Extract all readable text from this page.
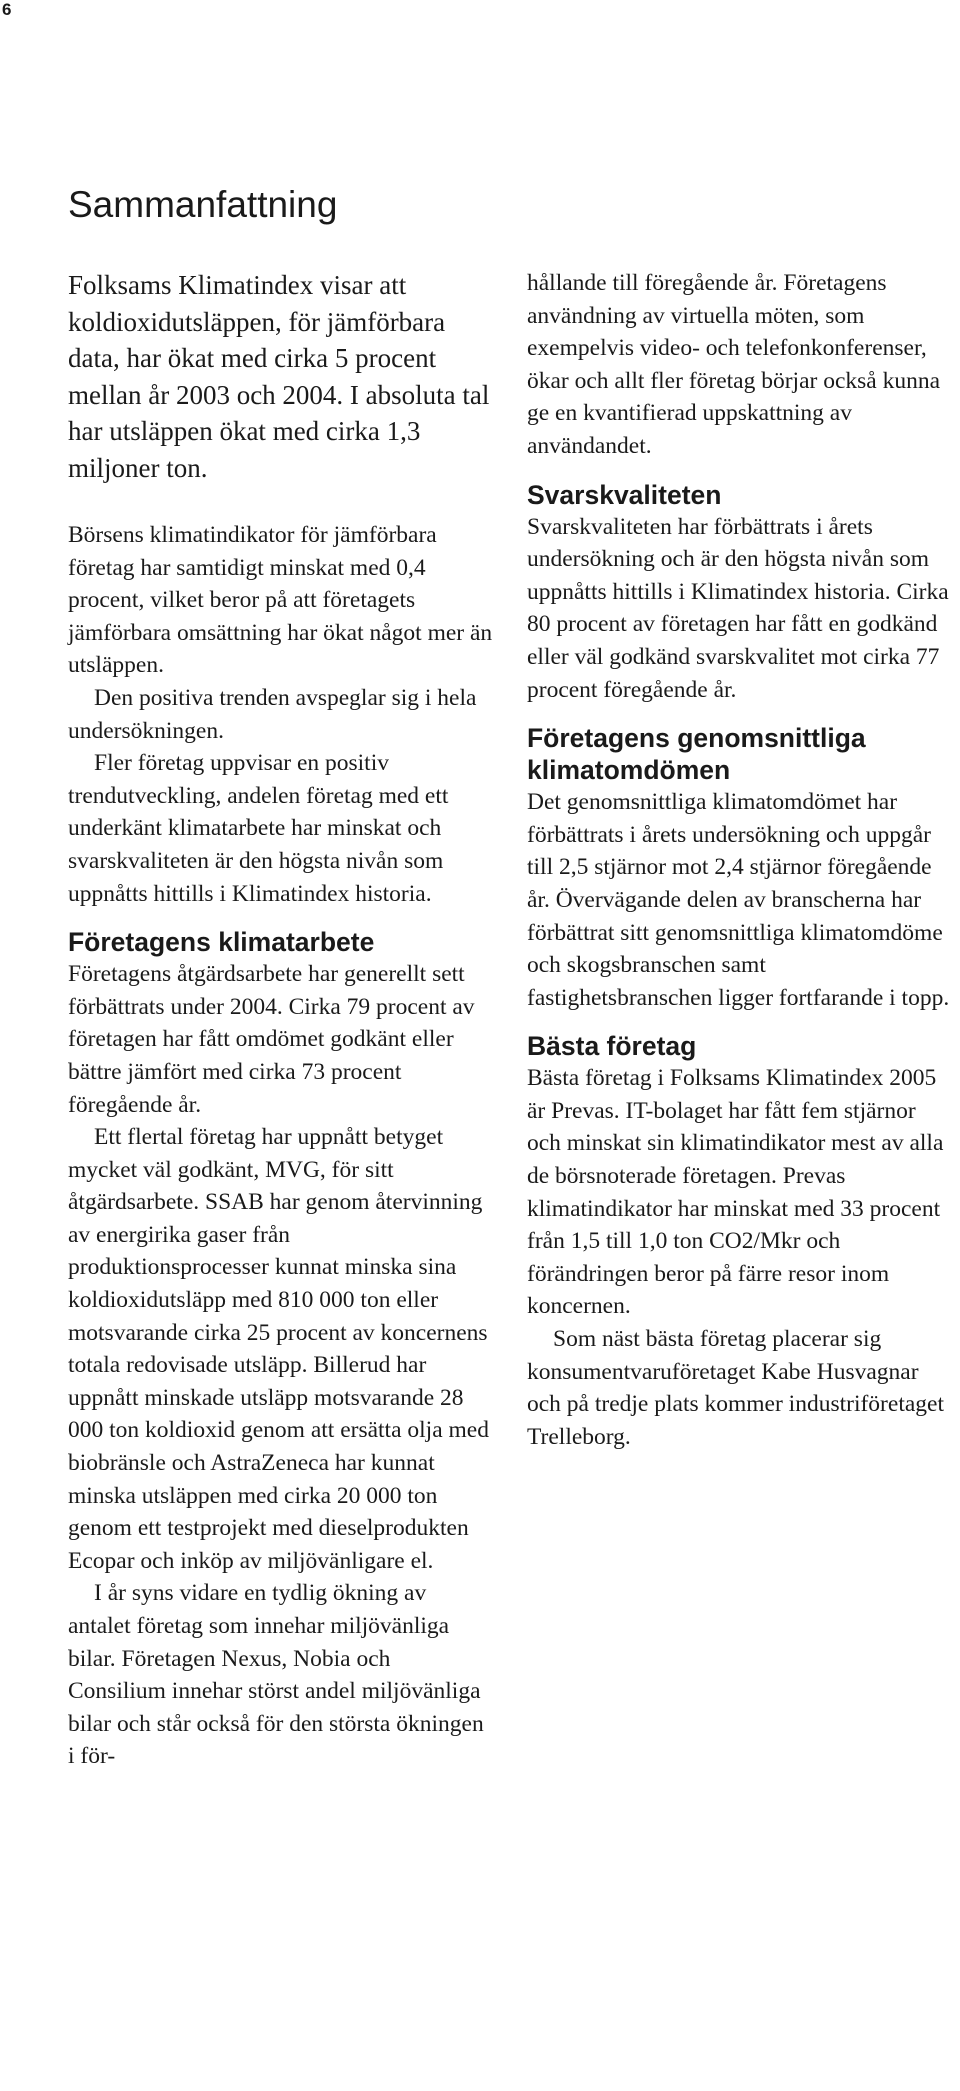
6
Sammanfattning

Folksams Klimatindex visar att koldioxidutsläppen, för jämförbara data, har ökat med cirka 5 procent mellan år 2003 och 2004. I absoluta tal har utsläppen ökat med cirka 1,3 miljoner ton.

Börsens klimatindikator för jämförbara företag har samtidigt minskat med 0,4 procent, vilket beror på att företagets jämförbara omsättning har ökat något mer än utsläppen.

Den positiva trenden avspeglar sig i hela undersökningen.

Fler företag uppvisar en positiv trendutveckling, andelen företag med ett underkänt klimatarbete har minskat och svarskvaliteten är den högsta nivån som uppnåtts hittills i Klimatindex historia.

Företagens klimatarbete

Företagens åtgärdsarbete har generellt sett förbättrats under 2004. Cirka 79 procent av företagen har fått omdömet godkänt eller bättre jämfört med cirka 73 procent föregående år.

Ett flertal företag har uppnått betyget mycket väl godkänt, MVG, för sitt åtgärdsarbete. SSAB har genom återvinning av energirika gaser från produktionsprocesser kunnat minska sina koldioxidutsläpp med 810 000 ton eller motsvarande cirka 25 procent av koncernens totala redovisade utsläpp. Billerud har uppnått minskade utsläpp motsvarande 28 000 ton koldioxid genom att ersätta olja med biobränsle och AstraZeneca har kunnat minska utsläppen med cirka 20 000 ton genom ett testprojekt med dieselprodukten Ecopar och inköp av miljövänligare el.

I år syns vidare en tydlig ökning av antalet företag som innehar miljövänliga bilar. Företagen Nexus, Nobia och Consilium innehar störst andel miljövänliga bilar och står också för den största ökningen i för-

hållande till föregående år. Företagens användning av virtuella möten, som exempelvis video- och telefonkonferenser, ökar och allt fler företag börjar också kunna ge en kvantifierad uppskattning av användandet.

Svarskvaliteten

Svarskvaliteten har förbättrats i årets undersökning och är den högsta nivån som uppnåtts hittills i Klimatindex historia. Cirka 80 procent av företagen har fått en godkänd eller väl godkänd svarskvalitet mot cirka 77 procent föregående år.

Företagens genomsnittliga klimatomdömen

Det genomsnittliga klimatomdömet har förbättrats i årets undersökning och uppgår till 2,5 stjärnor mot 2,4 stjärnor föregående år. Övervägande delen av branscherna har förbättrat sitt genomsnittliga klimatomdöme och skogsbranschen samt fastighetsbranschen ligger fortfarande i topp.

Bästa företag

Bästa företag i Folksams Klimatindex 2005 är Prevas. IT-bolaget har fått fem stjärnor och minskat sin klimatindikator mest av alla de börsnoterade företagen. Prevas klimatindikator har minskat med 33 procent från 1,5 till 1,0 ton CO2/Mkr och förändringen beror på färre resor inom koncernen.

Som näst bästa företag placerar sig konsumentvaruföretaget Kabe Husvagnar och på tredje plats kommer industriföretaget Trelleborg.
